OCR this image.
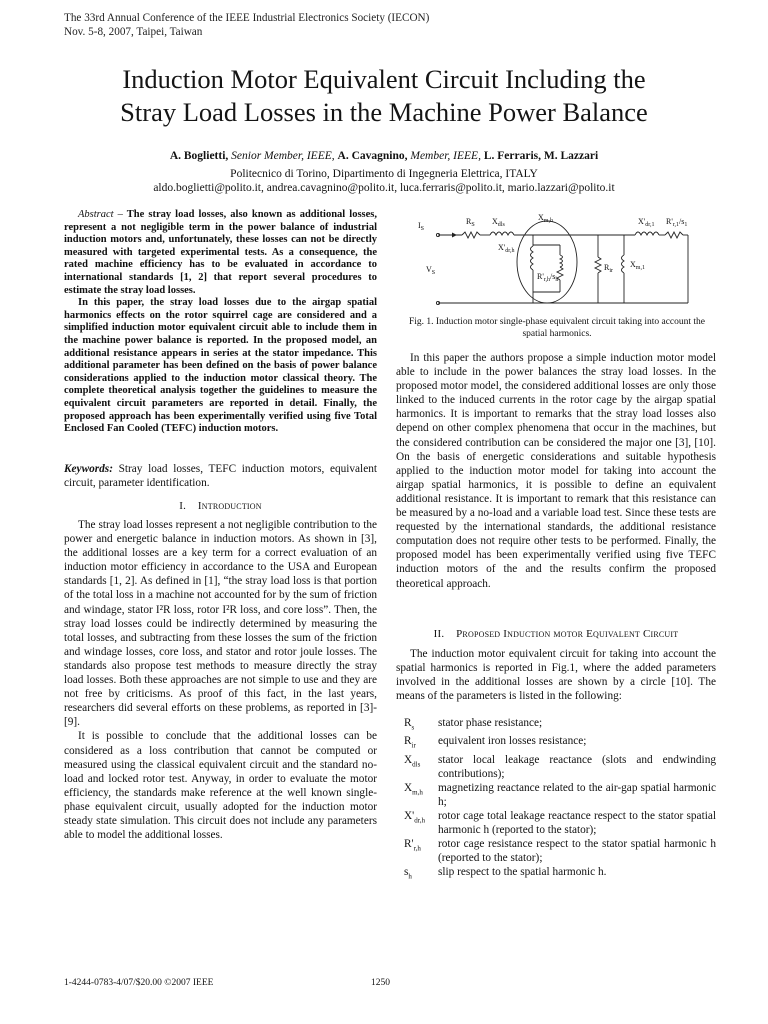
The 33rd Annual Conference of the IEEE Industrial Electronics Society (IECON)
Nov. 5-8, 2007, Taipei, Taiwan
Induction Motor Equivalent Circuit Including the
Stray Load Losses in the Machine Power Balance
A. Boglietti, Senior Member, IEEE, A. Cavagnino, Member, IEEE, L. Ferraris, M. Lazzari
Politecnico di Torino, Dipartimento di Ingegneria Elettrica, ITALY
aldo.boglietti@polito.it, andrea.cavagnino@polito.it, luca.ferraris@polito.it, mario.lazzari@polito.it

Abstract – The stray load losses, also known as additional losses, represent a not negligible term in the power balance of industrial induction motors and, unfortunately, these losses can not be directly measured with targeted experimental tests. As a consequence, the rated machine efficiency has to be evaluated in accordance to international standards [1, 2] that report several procedures to estimate the stray load losses.

In this paper, the stray load losses due to the airgap spatial harmonics effects on the rotor squirrel cage are considered and a simplified induction motor equivalent circuit able to include them in the machine power balance is reported. In the proposed model, an additional resistance appears in series at the stator impedance. This additional parameter has been defined on the basis of power balance considerations applied to the induction motor classical theory. The complete theoretical analysis together the guidelines to measure the equivalent circuit parameters are reported in detail. Finally, the proposed approach has been experimentally verified using five Total Enclosed Fan Cooled (TEFC) induction motors.

Keywords: Stray load losses, TEFC induction motors, equivalent circuit, parameter identification.
I. Introduction

The stray load losses represent a not negligible contribution to the power and energetic balance in induction motors. As shown in [3], the additional losses are a key term for a correct evaluation of an induction motor efficiency in accordance to the USA and European standards [1, 2]. As defined in [1], “the stray load loss is that portion of the total loss in a machine not accounted for by the sum of friction and windage, stator I²R loss, rotor I²R loss, and core loss”. Then, the stray load losses could be indirectly determined by measuring the total losses, and subtracting from these losses the sum of the friction and windage losses, core loss, and stator and rotor joule losses. The standards also propose test methods to measure directly the stray load losses. Both these approaches are not simple to use and they are not free by criticisms. As proof of this fact, in the last years, researchers did several efforts on these problems, as reported in [3]-[9].

It is possible to conclude that the additional losses can be considered as a loss contribution that cannot be computed or measured using the classical equivalent circuit and the standard no-load and locked rotor test. Anyway, in order to evaluate the motor efficiency, the standards make reference at the well known single-phase equivalent circuit, usually adopted for the induction motor steady state simulation. This circuit does not include any parameters able to model the additional losses.

$I_S$
$R_S$ $X_{dls}$
$X_{m,h}$
$X'_{dr,h}$
$R'_{r,h}/s_h$
$V_S$
$R_{ir}$
$X_{m,1}$
$X'_{dr,1}$ $R'_{r,1}/s_1$
Fig. 1. Induction motor single-phase equivalent circuit taking into account the spatial harmonics.

In this paper the authors propose a simple induction motor model able to include in the power balances the stray load losses. In the proposed motor model, the considered additional losses are only those linked to the induced currents in the rotor cage by the airgap spatial harmonics. It is important to remarks that the stray load losses also depend on other complex phenomena that occur in the machines, but the considered contribution can be considered the major one [3], [10]. On the basis of energetic considerations and suitable hypothesis applied to the induction motor model for taking into account the airgap spatial harmonics, it is possible to define an equivalent additional resistance. It is important to remark that this resistance can be measured by a no-load and a variable load test. Since these tests are requested by the international standards, the additional resistance computation does not require other tests to be performed. Finally, the proposed model has been experimentally verified using five TEFC induction motors of the and the results confirm the proposed theoretical approach.

II. Proposed Induction motor Equivalent Circuit

The induction motor equivalent circuit for taking into account the spatial harmonics is reported in Fig.1, where the added parameters involved in the additional losses are shown by a circle [10]. The means of the parameters is listed in the following:

$R_s$	stator phase resistance;
$R_{ir}$	equivalent iron losses resistance;
$X_{dls}$	stator local leakage reactance (slots and endwinding contributions);
$X_{m,h}$	magnetizing reactance related to the air-gap spatial harmonic h;
$X'_{dr,h}$	rotor cage total leakage reactance respect to the stator spatial harmonic h (reported to the stator);
$R'_{r,h}$	rotor cage resistance respect to the stator spatial harmonic h (reported to the stator);
$s_h$	slip respect to the spatial harmonic h.
1-4244-0783-4/07/$20.00 ©2007 IEEE	1250
